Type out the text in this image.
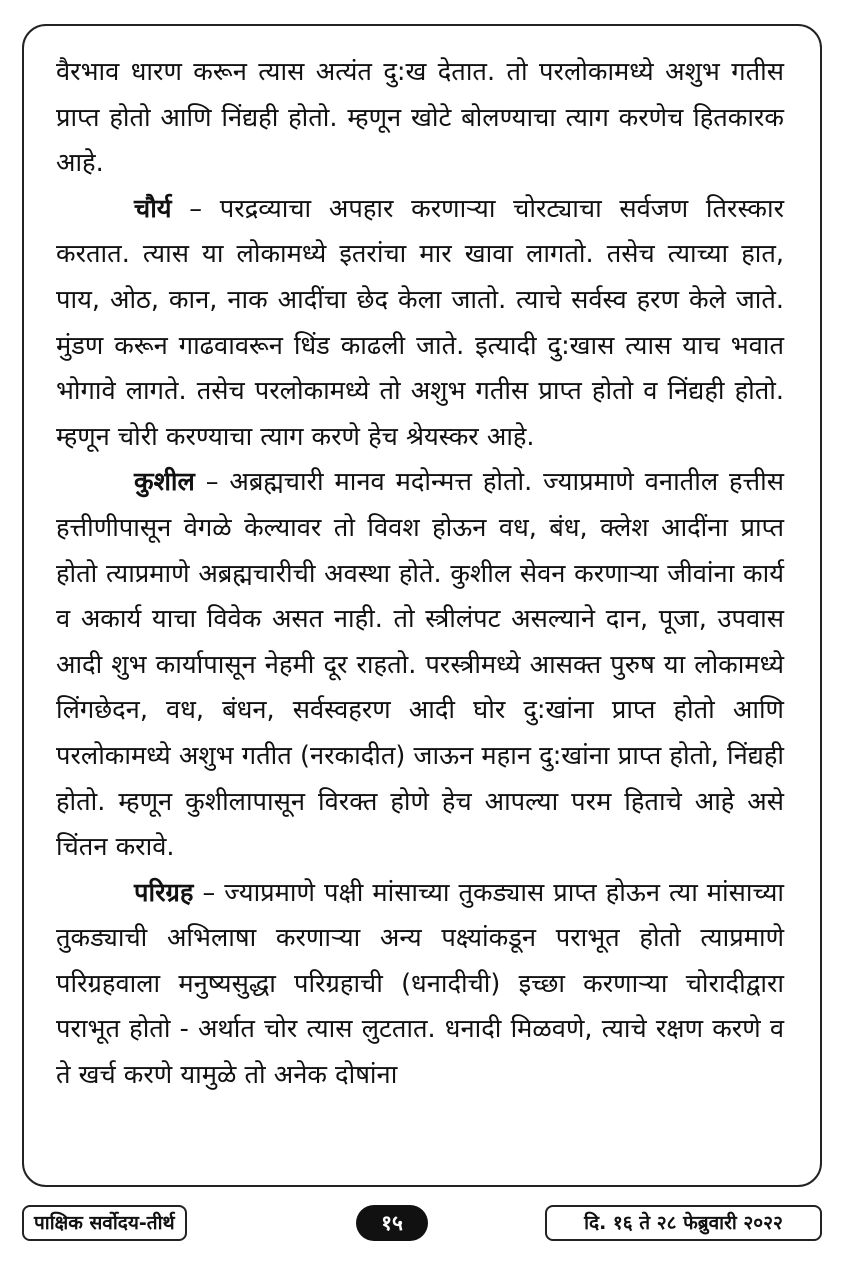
वैरभाव धारण करून त्यास अत्यंत दु:ख देतात. तो परलोकामध्ये अशुभ गतीस प्राप्त होतो आणि निंद्यही होतो. म्हणून खोटे बोलण्याचा त्याग करणेच हितकारक आहे.

चौर्य – परद्रव्याचा अपहार करणाऱ्या चोरट्याचा सर्वजण तिरस्कार करतात. त्यास या लोकामध्ये इतरांचा मार खावा लागतो. तसेच त्याच्या हात, पाय, ओठ, कान, नाक आदींचा छेद केला जातो. त्याचे सर्वस्व हरण केले जाते. मुंडण करून गाढवावरून धिंड काढली जाते. इत्यादी दु:खास त्यास याच भवात भोगावे लागते. तसेच परलोकामध्ये तो अशुभ गतीस प्राप्त होतो व निंद्यही होतो. म्हणून चोरी करण्याचा त्याग करणे हेच श्रेयस्कर आहे.

कुशील – अब्रह्मचारी मानव मदोन्मत्त होतो. ज्याप्रमाणे वनातील हत्तीस हत्तीणीपासून वेगळे केल्यावर तो विवश होऊन वध, बंध, क्लेश आदींना प्राप्त होतो त्याप्रमाणे अब्रह्मचारीची अवस्था होते. कुशील सेवन करणाऱ्या जीवांना कार्य व अकार्य याचा विवेक असत नाही. तो स्त्रीलंपट असल्याने दान, पूजा, उपवास आदी शुभ कार्यापासून नेहमी दूर राहतो. परस्त्रीमध्ये आसक्त पुरुष या लोकामध्ये लिंगछेदन, वध, बंधन, सर्वस्वहरण आदी घोर दु:खांना प्राप्त होतो आणि परलोकामध्ये अशुभ गतीत (नरकादीत) जाऊन महान दु:खांना प्राप्त होतो, निंद्यही होतो. म्हणून कुशीलापासून विरक्त होणे हेच आपल्या परम हिताचे आहे असे चिंतन करावे.

परिग्रह – ज्याप्रमाणे पक्षी मांसाच्या तुकड्यास प्राप्त होऊन त्या मांसाच्या तुकड्याची अभिलाषा करणाऱ्या अन्य पक्ष्यांकडून पराभूत होतो त्याप्रमाणे परिग्रहवाला मनुष्यसुद्धा परिग्रहाची (धनादीची) इच्छा करणाऱ्या चोरादीद्वारा पराभूत होतो - अर्थात चोर त्यास लुटतात. धनादी मिळवणे, त्याचे रक्षण करणे व ते खर्च करणे यामुळे तो अनेक दोषांना

पाक्षिक सर्वोदय-तीर्थ	१५	दि. १६ ते २८ फेब्रुवारी २०२२
